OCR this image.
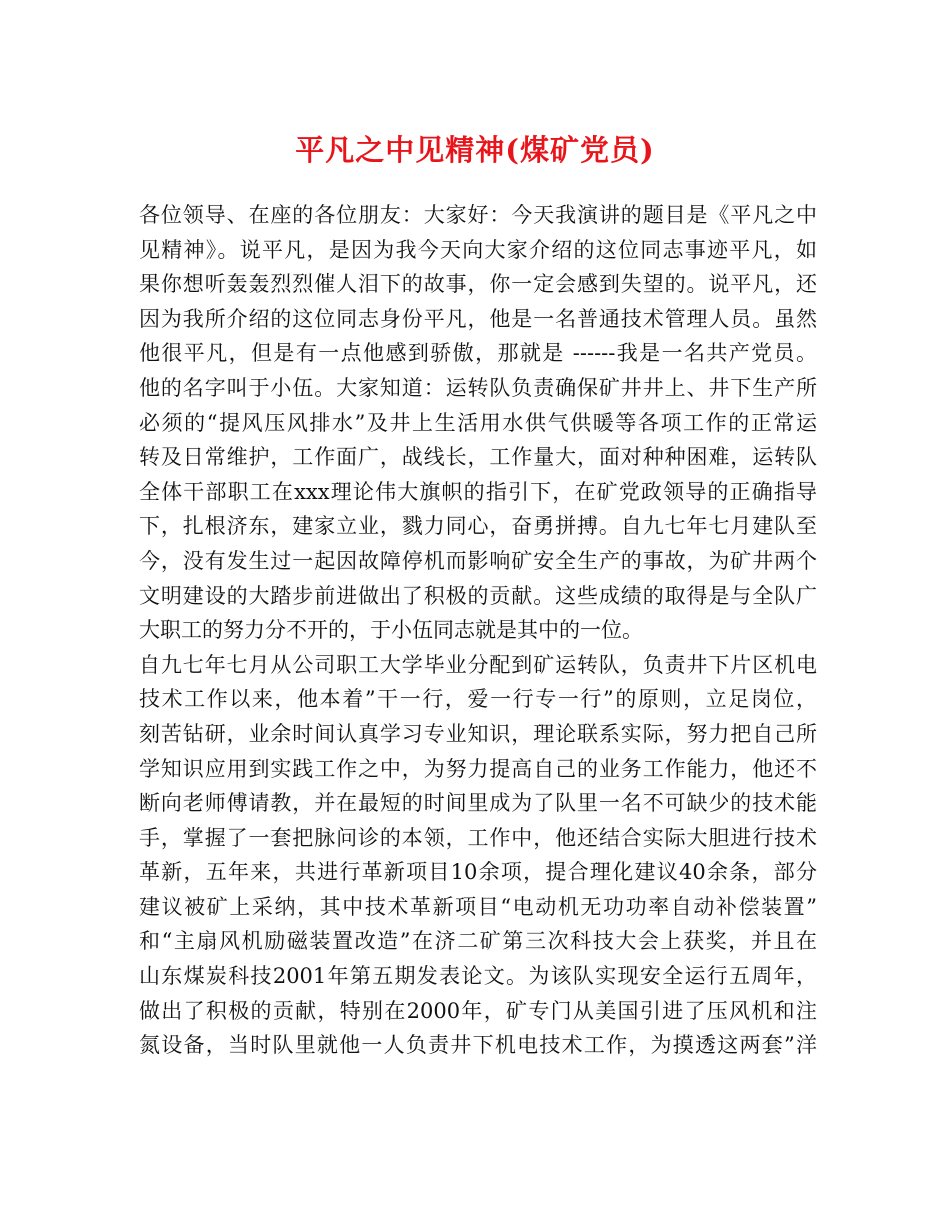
平凡之中见精神(煤矿党员)
各位领导、在座的各位朋友：大家好：今天我演讲的题目是《平凡之中
见精神》。说平凡，是因为我今天向大家介绍的这位同志事迹平凡，如
果你想听轰轰烈烈催人泪下的故事，你一定会感到失望的。说平凡，还
因为我所介绍的这位同志身份平凡，他是一名普通技术管理人员。虽然
他很平凡，但是有一点他感到骄傲，那就是 ------我是一名共产党员。
他的名字叫于小伍。大家知道：运转队负责确保矿井井上、井下生产所
必须的“提风压风排水”及井上生活用水供气供暖等各项工作的正常运
转及日常维护，工作面广，战线长，工作量大，面对种种困难，运转队
全体干部职工在xxx理论伟大旗帜的指引下，在矿党政领导的正确指导
下，扎根济东，建家立业，戮力同心，奋勇拼搏。自九七年七月建队至
今，没有发生过一起因故障停机而影响矿安全生产的事故，为矿井两个
文明建设的大踏步前进做出了积极的贡献。这些成绩的取得是与全队广
大职工的努力分不开的，于小伍同志就是其中的一位。
自九七年七月从公司职工大学毕业分配到矿运转队，负责井下片区机电
技术工作以来，他本着”干一行，爱一行专一行”的原则，立足岗位，
刻苦钻研，业余时间认真学习专业知识，理论联系实际，努力把自己所
学知识应用到实践工作之中，为努力提高自己的业务工作能力，他还不
断向老师傅请教，并在最短的时间里成为了队里一名不可缺少的技术能
手，掌握了一套把脉问诊的本领，工作中，他还结合实际大胆进行技术
革新，五年来，共进行革新项目10余项，提合理化建议40余条，部分
建议被矿上采纳，其中技术革新项目“电动机无功功率自动补偿装置”
和“主扇风机励磁装置改造”在济二矿第三次科技大会上获奖，并且在
山东煤炭科技2001年第五期发表论文。为该队实现安全运行五周年，
做出了积极的贡献，特别在2000年，矿专门从美国引进了压风机和注
氮设备，当时队里就他一人负责井下机电技术工作，为摸透这两套”洋
